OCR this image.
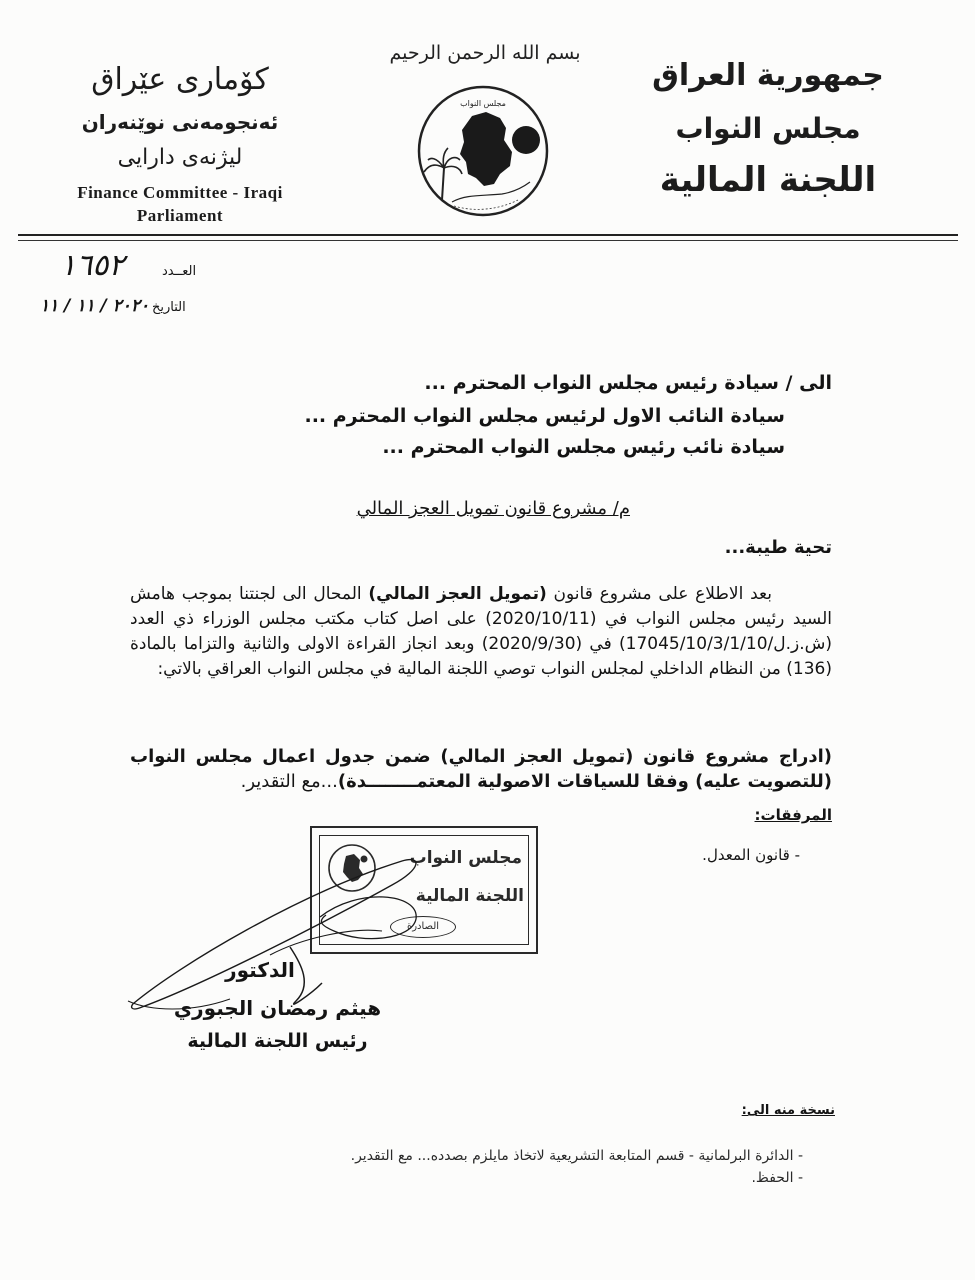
جمهورية العراق
مجلس النواب
اللجنة المالية
بسم الله الرحمن الرحيم
مجلس النواب
کۆماری عێراق
ئەنجومەنی نوێنەران
لیژنەی دارایی
Finance Committee - Iraqi
Parliament
العــدد
١٦٥٢
التاريخ
٢٠٢٠ / ١١ / ١١
الى / سيادة رئيس مجلس النواب المحترم ...
سيادة النائب الاول لرئيس مجلس النواب المحترم ...
سيادة نائب رئيس مجلس النواب المحترم ...
م/ مشروع قانون تمويل العجز المالي
تحية طيبة...
بعد الاطلاع على مشروع قانون (تمويل العجز المالي) المحال الى لجنتنا بموجب هامش السيد رئيس مجلس النواب في (2020/10/11) على اصل كتاب مكتب مجلس الوزراء ذي العدد (ش.ز.ل/17045/10/3/1/10) في (2020/9/30) وبعد انجاز القراءة الاولى والثانية والتزاما بالمادة (136) من النظام الداخلي لمجلس النواب توصي اللجنة المالية في مجلس النواب العراقي بالاتي:
(ادراج مشروع قانون (تمويل العجز المالي) ضمن جدول اعمال مجلس النواب (للتصويت عليه) وفقا للسياقات الاصولية المعتمــــــــدة)...مع التقدير.
المرفقات:
- قانون المعدل.
مجلس النواب
اللجنة المالية
الصادرة
الدكتور
هيثم رمضان الجبوري
رئيس اللجنة المالية
نسخة منه الى:
- الدائرة البرلمانية - قسم المتابعة التشريعية لاتخاذ مايلزم بصدده... مع التقدير.
- الحفظ.
